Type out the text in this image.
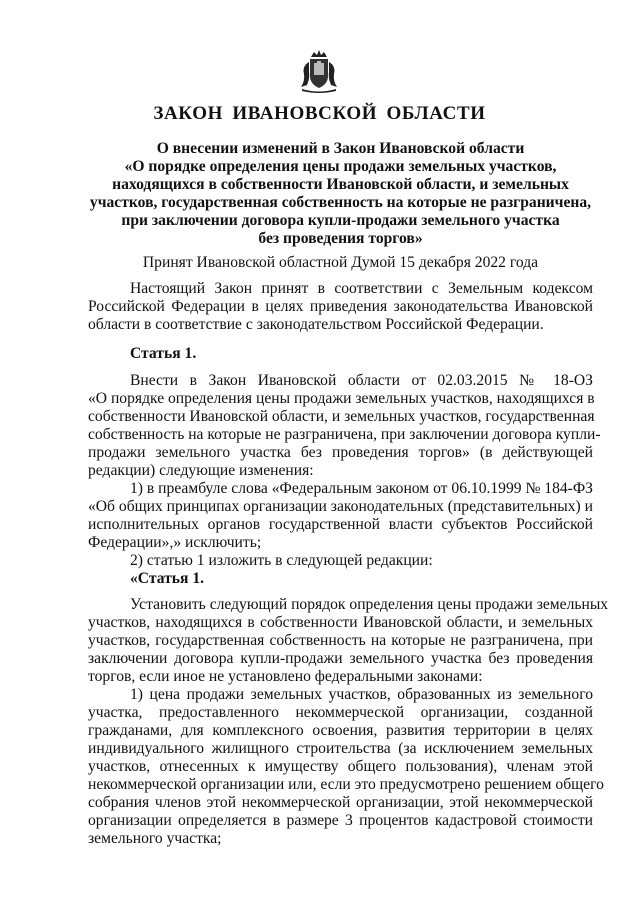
ЗАКОН ИВАНОВСКОЙ ОБЛАСТИ
О внесении изменений в Закон Ивановской области
«О порядке определения цены продажи земельных участков,
находящихся в собственности Ивановской области, и земельных
участков, государственная собственность на которые не разграничена,
при заключении договора купли-продажи земельного участка
без проведения торгов»
Принят Ивановской областной Думой 15 декабря 2022 года
Настоящий Закон принят в соответствии с Земельным кодексом
Российской Федерации в целях приведения законодательства Ивановской
области в соответствие с законодательством Российской Федерации.
Статья 1.
Внести в Закон Ивановской области от 02.03.2015 № 18-ОЗ
«О порядке определения цены продажи земельных участков, находящихся в
собственности Ивановской области, и земельных участков, государственная
собственность на которые не разграничена, при заключении договора купли-
продажи земельного участка без проведения торгов» (в действующей
редакции) следующие изменения:
1) в преамбуле слова «Федеральным законом от 06.10.1999 № 184-ФЗ
«Об общих принципах организации законодательных (представительных) и
исполнительных органов государственной власти субъектов Российской
Федерации»,» исключить;
2) статью 1 изложить в следующей редакции:
«Статья 1.
Установить следующий порядок определения цены продажи земельных
участков, находящихся в собственности Ивановской области, и земельных
участков, государственная собственность на которые не разграничена, при
заключении договора купли-продажи земельного участка без проведения
торгов, если иное не установлено федеральными законами:
1) цена продажи земельных участков, образованных из земельного
участка, предоставленного некоммерческой организации, созданной
гражданами, для комплексного освоения, развития территории в целях
индивидуального жилищного строительства (за исключением земельных
участков, отнесенных к имуществу общего пользования), членам этой
некоммерческой организации или, если это предусмотрено решением общего
собрания членов этой некоммерческой организации, этой некоммерческой
организации определяется в размере 3 процентов кадастровой стоимости
земельного участка;
